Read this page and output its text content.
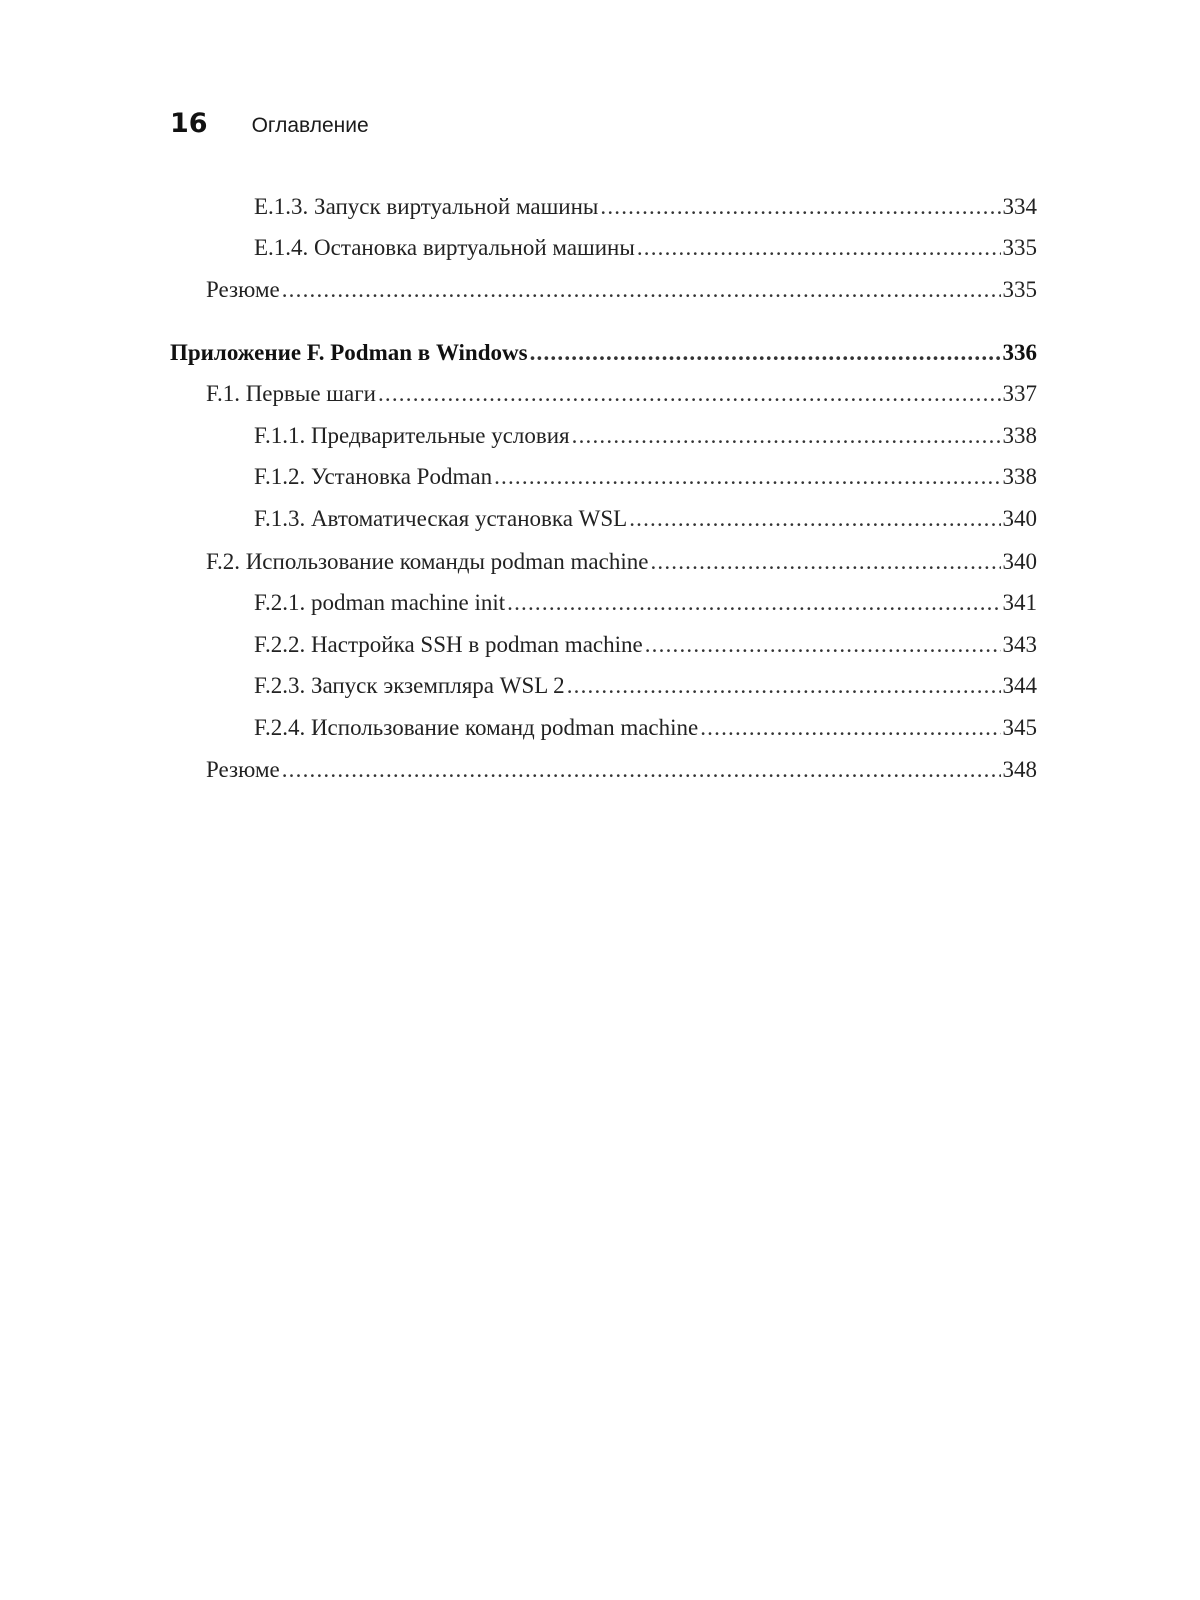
16 Оглавление
E.1.3. Запуск виртуальной машины .....	334
E.1.4. Остановка виртуальной машины .....	335
Резюме .....	335
Приложение F. Podman в Windows .....	336
F.1. Первые шаги .....	337
F.1.1. Предварительные условия .....	338
F.1.2. Установка Podman .....	338
F.1.3. Автоматическая установка WSL .....	340
F.2. Использование команды podman machine .....	340
F.2.1. podman machine init .....	341
F.2.2. Настройка SSH в podman machine .....	343
F.2.3. Запуск экземпляра WSL 2 .....	344
F.2.4. Использование команд podman machine .....	345
Резюме .....	348
